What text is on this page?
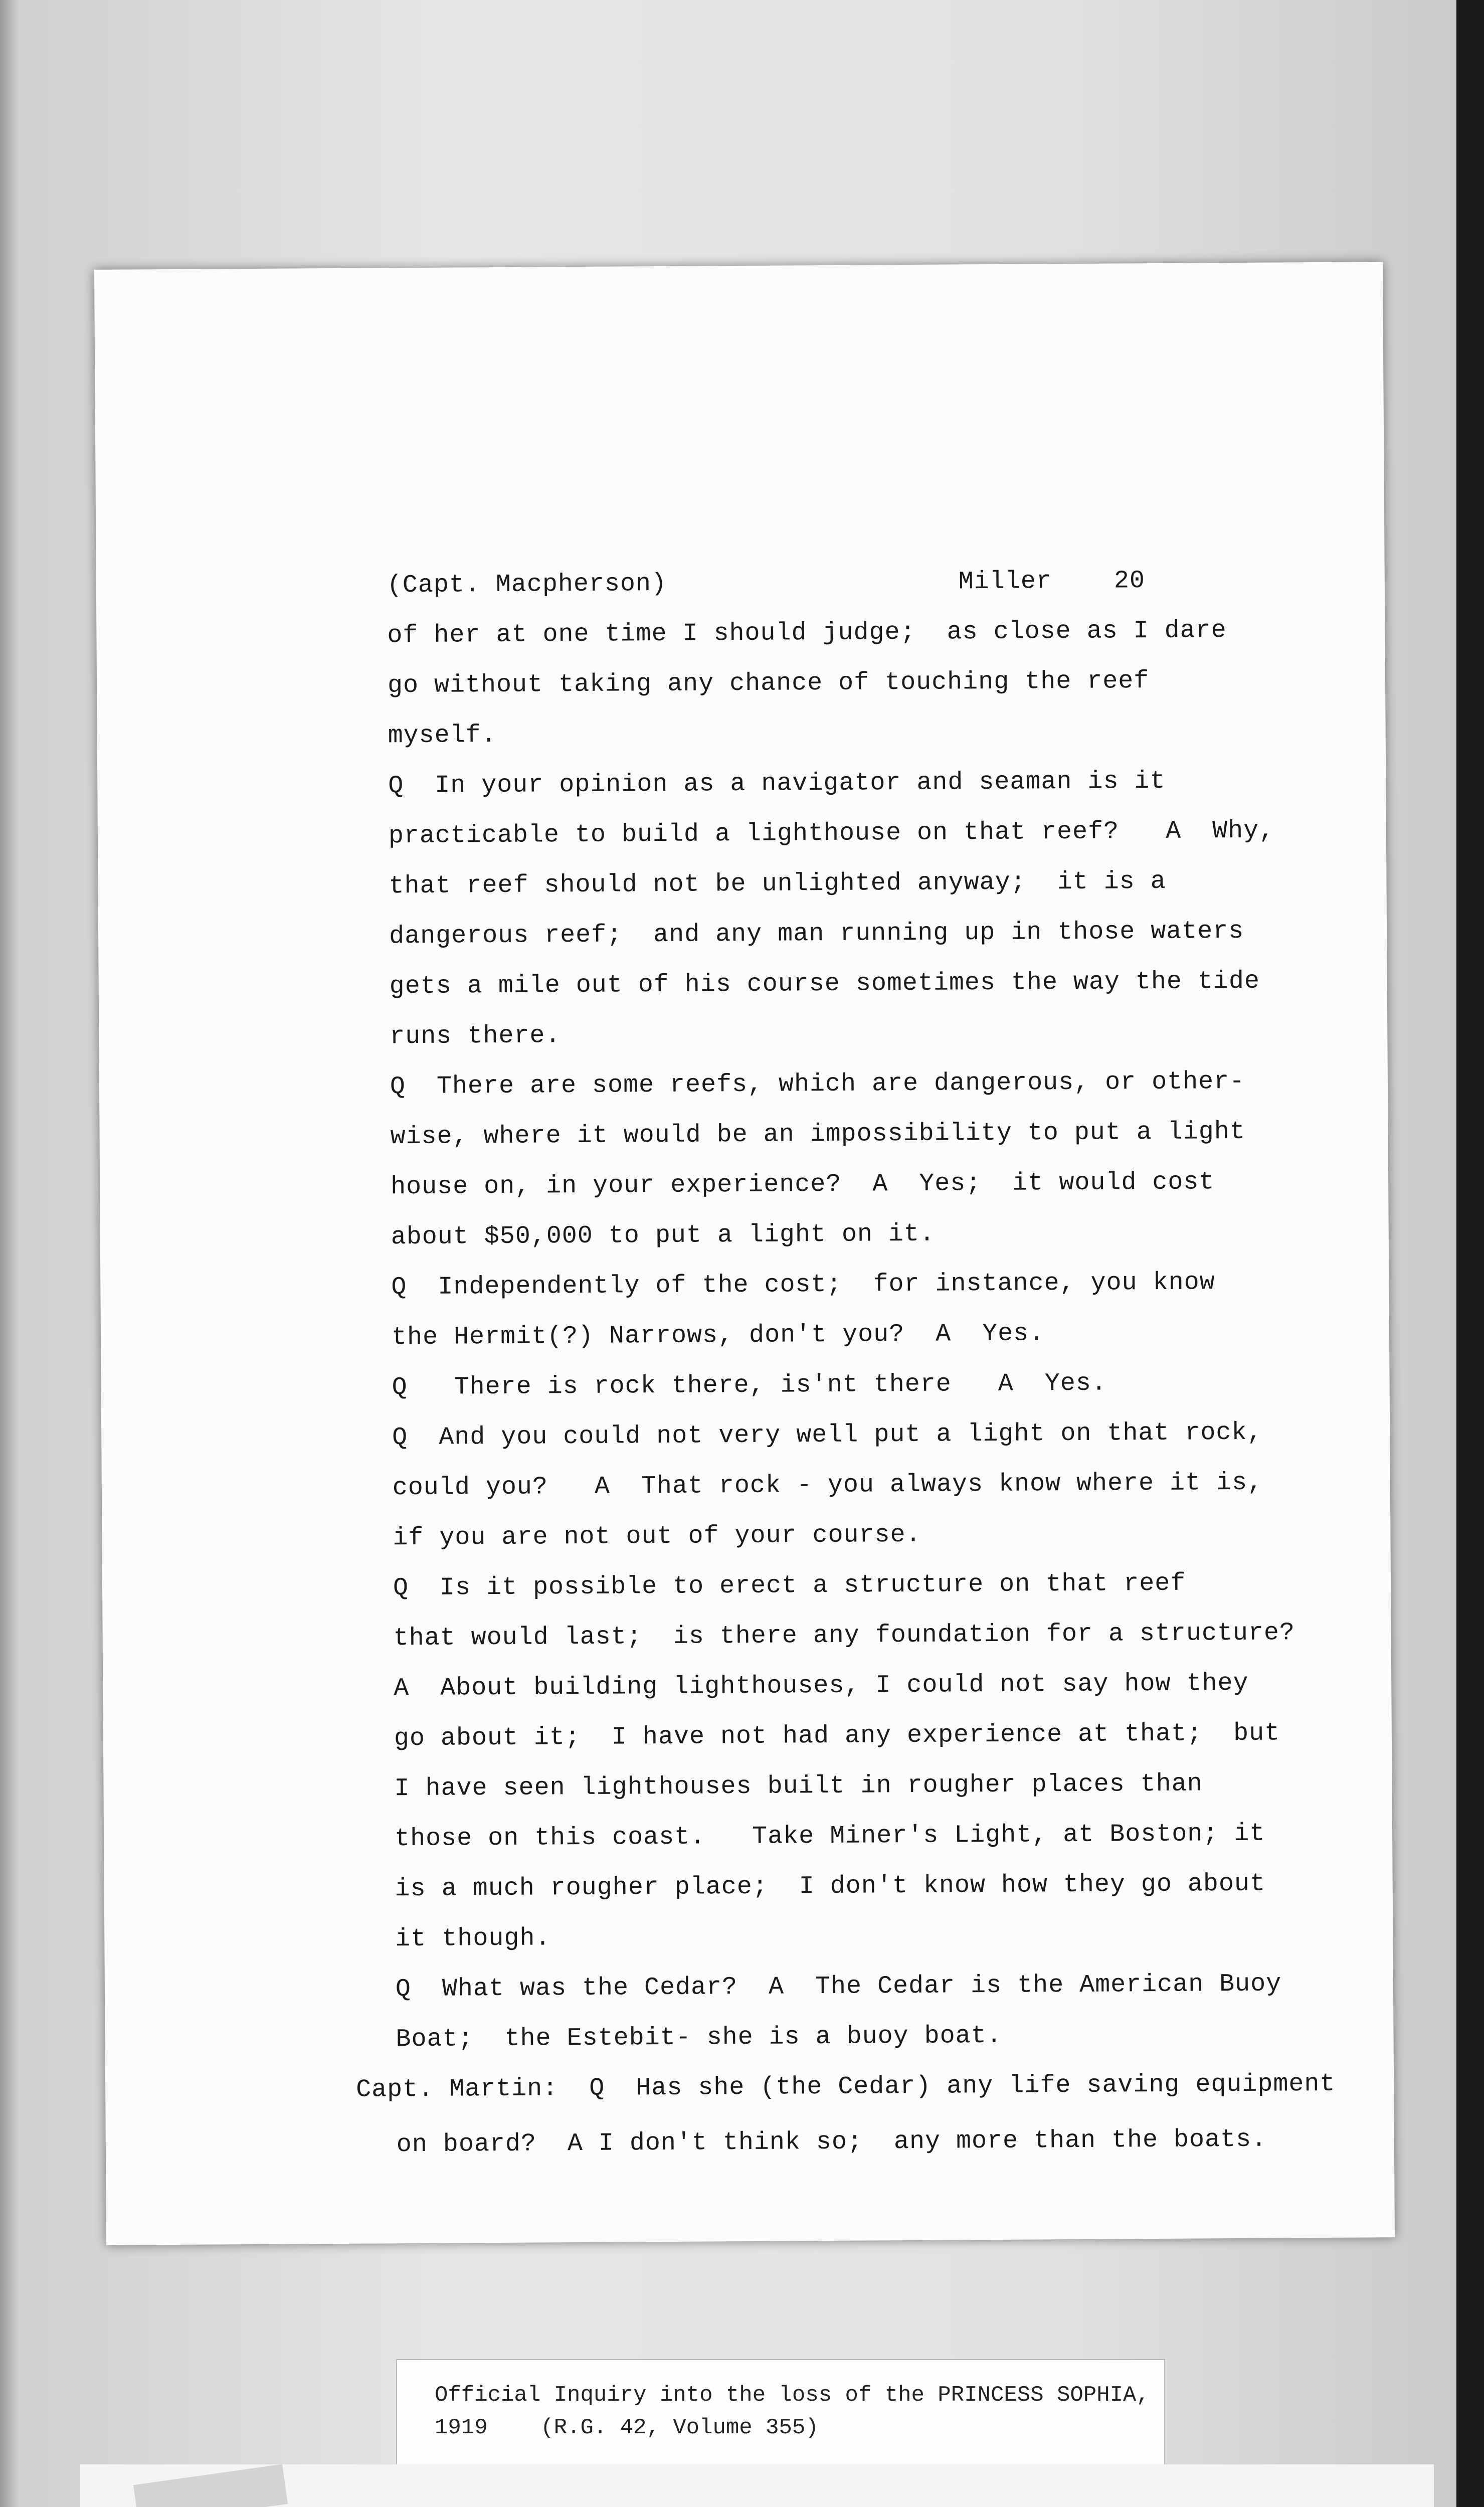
(Capt. Macpherson)	Miller    20
of her at one time I should judge;  as close as I dare
go without taking any chance of touching the reef
myself.
Q  In your opinion as a navigator and seaman is it
practicable to build a lighthouse on that reef?   A  Why,
that reef should not be unlighted anyway;  it is a
dangerous reef;  and any man running up in those waters
gets a mile out of his course sometimes the way the tide
runs there.
Q  There are some reefs, which are dangerous, or other-
wise, where it would be an impossibility to put a light
house on, in your experience?  A  Yes;  it would cost
about $50,000 to put a light on it.
Q  Independently of the cost;  for instance, you know
the Hermit(?) Narrows, don't you?  A  Yes.
Q   There is rock there, is'nt there   A  Yes.
Q  And you could not very well put a light on that rock,
could you?   A  That rock - you always know where it is,
if you are not out of your course.
Q  Is it possible to erect a structure on that reef
that would last;  is there any foundation for a structure?
A  About building lighthouses, I could not say how they
go about it;  I have not had any experience at that;  but
I have seen lighthouses built in rougher places than
those on this coast.   Take Miner's Light, at Boston; it
is a much rougher place;  I don't know how they go about
it though.
Q  What was the Cedar?  A  The Cedar is the American Buoy
Boat;  the Estebit- she is a buoy boat.
Capt. Martin:  Q  Has she (the Cedar) any life saving equipment
on board?  A I don't think so;  any more than the boats.
Official Inquiry into the loss of the PRINCESS SOPHIA,
1919    (R.G. 42, Volume 355)
